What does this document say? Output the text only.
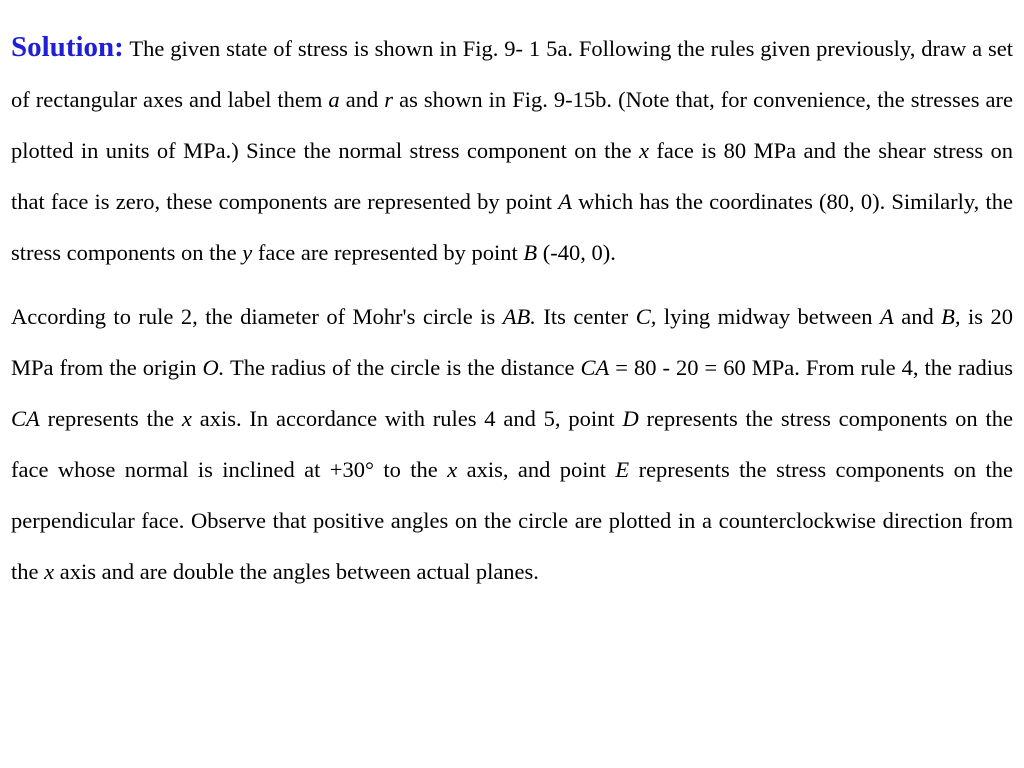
Solution: The given state of stress is shown in Fig. 9- 1 5a. Following the rules given previously, draw a set of rectangular axes and label them a and r as shown in Fig. 9-15b. (Note that, for convenience, the stresses are plotted in units of MPa.) Since the normal stress component on the x face is 80 MPa and the shear stress on that face is zero, these components are represented by point A which has the coordinates (80, 0). Similarly, the stress components on the y face are represented by point B (-40, 0).

According to rule 2, the diameter of Mohr's circle is AB. Its center C, lying midway between A and B, is 20 MPa from the origin O. The radius of the circle is the distance CA = 80 - 20 = 60 MPa. From rule 4, the radius CA represents the x axis. In accordance with rules 4 and 5, point D represents the stress components on the face whose normal is inclined at +30° to the x axis, and point E represents the stress components on the perpendicular face. Observe that positive angles on the circle are plotted in a counterclockwise direction from the x axis and are double the angles between actual planes.
